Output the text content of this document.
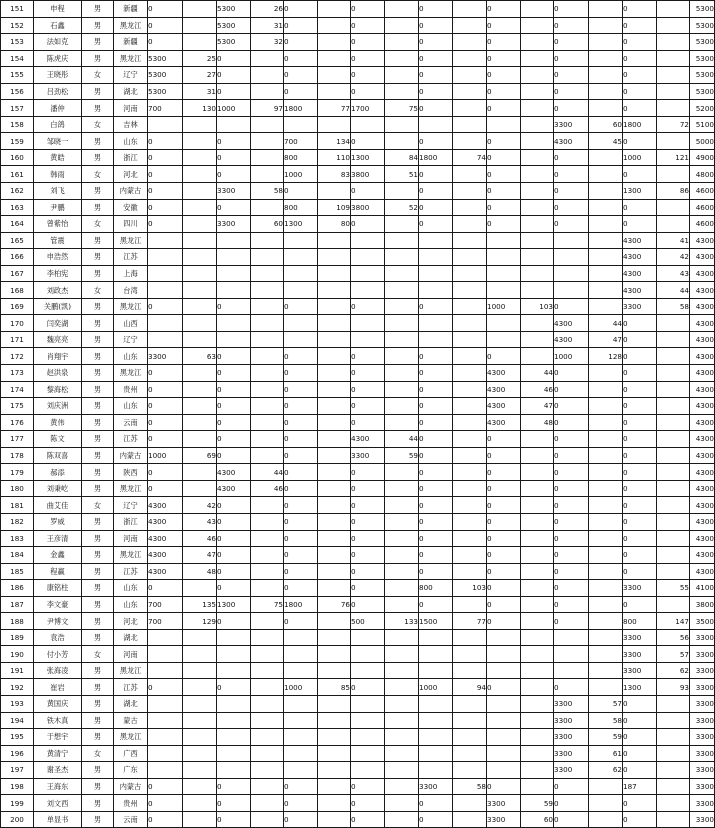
151	申程	男	新疆	0		5300	26	0		0		0		0		0		0		5300
152	石鑫	男	黑龙江	0		5300	31	0		0		0		0		0		0		5300
153	法如克	男	新疆	0		5300	32	0		0		0		0		0		0		5300
154	陈虎庆	男	黑龙江	5300	25	0		0		0		0		0		0		0		5300
155	王晓彤	女	辽宁	5300	27	0		0		0		0		0		0		0		5300
156	吕劲松	男	湖北	5300	31	0		0		0		0		0		0		0		5300
157	潘仲	男	河南	700	130	1000	97	1800	77	1700	75	0		0		0		0		5200
158	白鸽	女	吉林													3300	60	1800	72	5100
159	邹晓一	男	山东	0		0		700	134	0		0		0		4300	45	0		5000
160	黄皓	男	浙江	0		0		800	110	1300	84	1800	74	0		0		1000	121	4900
161	韩雨	女	河北	0		0		1000	83	3800	51	0		0		0		0		4800
162	刘飞	男	内蒙古	0		3300	58	0		0		0		0		0		1300	86	4600
163	尹鹏	男	安徽	0		0		800	109	3800	52	0		0		0		0		4600
164	曾紫怡	女	四川	0		3300	60	1300	80	0		0		0		0		0		4600
165	管震	男	黑龙江															4300	41	4300
166	申浩然	男	江苏															4300	42	4300
167	李柏宪	男	上海															4300	43	4300
168	刘政杰	女	台湾															4300	44	4300
169	关鹏(凯)	男	黑龙江	0		0		0		0		0		1000	103	0		3300	58	4300
170	闫奕湖	男	山西													4300	44	0		4300
171	魏亮亮	男	辽宁													4300	47	0		4300
172	肖翔宇	男	山东	3300	63	0		0		0		0		0		1000	128	0		4300
173	赵洪泉	男	黑龙江	0		0		0		0		0		4300	44	0		0		4300
174	黎海松	男	贵州	0		0		0		0		0		4300	46	0		0		4300
175	刘庆洲	男	山东	0		0		0		0		0		4300	47	0		0		4300
176	黄伟	男	云南	0		0		0		0		0		4300	48	0		0		4300
177	陈文	男	江苏	0		0		0		4300	44	0		0		0		0		4300
178	陈双喜	男	内蒙古	1000	69	0		0		3300	59	0		0		0		0		4300
179	郝添	男	陕西	0		4300	44	0		0		0		0		0		0		4300
180	刘秉屹	男	黑龙江	0		4300	46	0		0		0		0		0		0		4300
181	曲艾佳	女	辽宁	4300	42	0		0		0		0		0		0		0		4300
182	罗威	男	浙江	4300	43	0		0		0		0		0		0		0		4300
183	王彦清	男	河南	4300	46	0		0		0		0		0		0		0		4300
184	金鑫	男	黑龙江	4300	47	0		0		0		0		0		0		0		4300
185	程赢	男	江苏	4300	48	0		0		0		0		0		0		0		4300
186	康铭柱	男	山东	0		0		0		0		800	103	0		0		3300	55	4100
187	李文豪	男	山东	700	135	1300	75	1800	76	0		0		0		0		0		3800
188	尹博文	男	河北	700	129	0		0		500	133	1500	77	0		0		800	147	3500
189	袁浩	男	湖北															3300	56	3300
190	付小芳	女	河南															3300	57	3300
191	张海凌	男	黑龙江															3300	62	3300
192	崔岩	男	江苏	0		0		1000	85	0		1000	94	0		0		1300	93	3300
193	黄国庆	男	湖北													3300	57	0		3300
194	铁木真	男	蒙古													3300	58	0		3300
195	于想宇	男	黑龙江													3300	59	0		3300
196	黄清宁	女	广西													3300	61	0		3300
197	谢圣杰	男	广东													3300	62	0		3300
198	王海东	男	内蒙古	0		0		0		0		3300	58	0		0		187		3300
199	刘文西	男	贵州	0		0		0		0		0		3300	59	0		0		3300
200	单显书	男	云南	0		0		0		0		0		3300	60	0		0		3300
